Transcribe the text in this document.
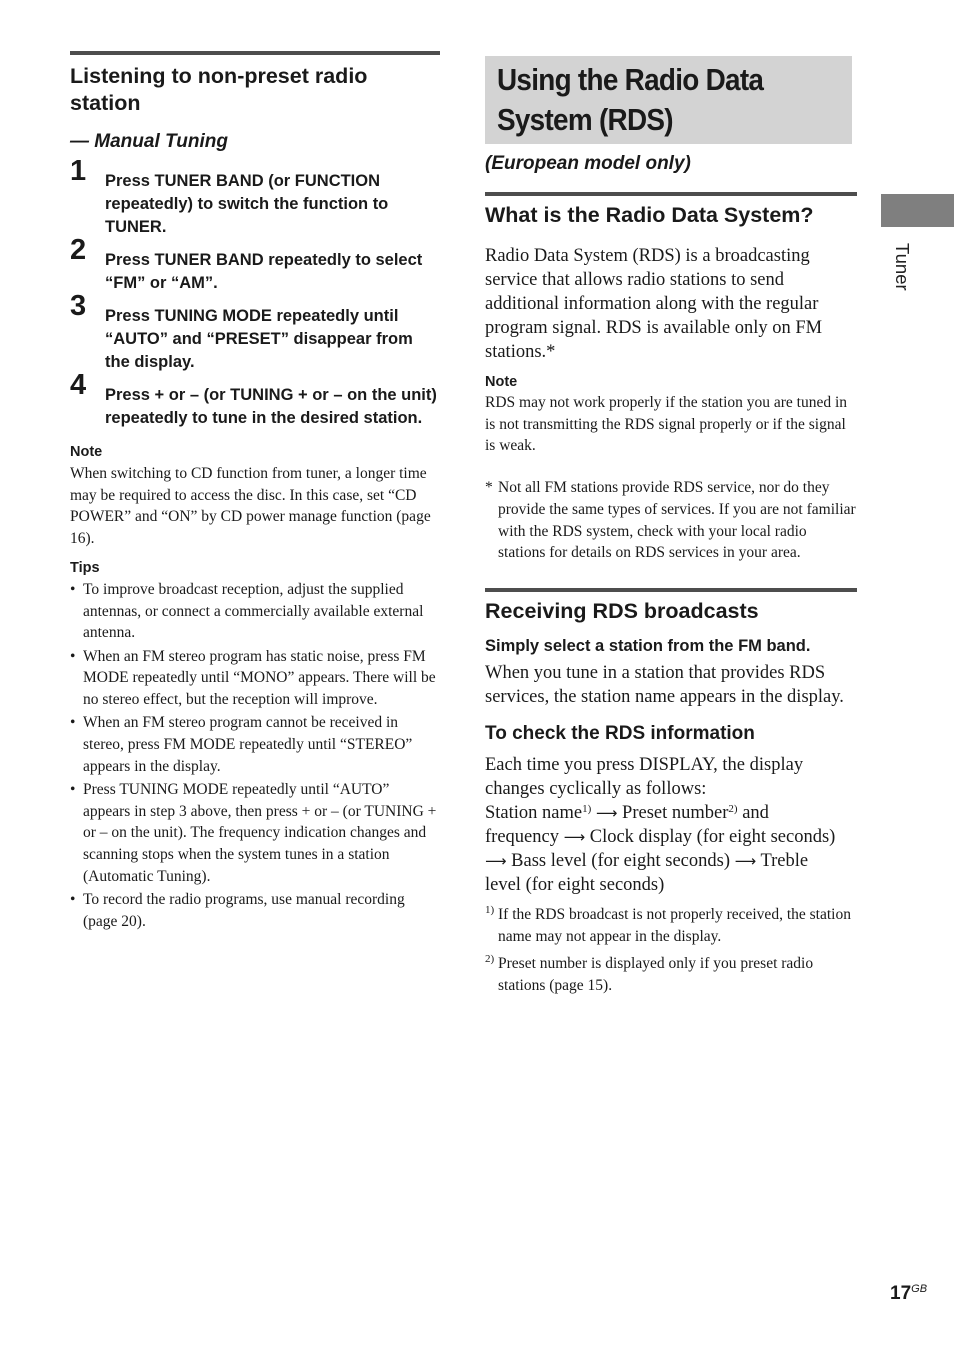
Listening to non-preset radio station

— Manual Tuning

1 Press TUNER BAND (or FUNCTION repeatedly) to switch the function to TUNER.
2 Press TUNER BAND repeatedly to select “FM” or “AM”.
3 Press TUNING MODE repeatedly until “AUTO” and “PRESET” disappear from the display.
4 Press + or – (or TUNING + or – on the unit) repeatedly to tune in the desired station.
Note
When switching to CD function from tuner, a longer time may be required to access the disc. In this case, set “CD POWER” and “ON” by CD power manage function (page 16).
Tips
• To improve broadcast reception, adjust the supplied antennas, or connect a commercially available external antenna.
• When an FM stereo program has static noise, press FM MODE repeatedly until “MONO” appears. There will be no stereo effect, but the reception will improve.
• When an FM stereo program cannot be received in stereo, press FM MODE repeatedly until “STEREO” appears in the display.
• Press TUNING MODE repeatedly until “AUTO” appears in step 3 above, then press + or – (or TUNING + or – on the unit). The frequency indication changes and scanning stops when the system tunes in a station (Automatic Tuning).
• To record the radio programs, use manual recording (page 20).
Using the Radio Data
System (RDS)

(European model only)

What is the Radio Data System?
Radio Data System (RDS) is a broadcasting service that allows radio stations to send additional information along with the regular program signal. RDS is available only on FM stations.*
Note
RDS may not work properly if the station you are tuned in is not transmitting the RDS signal properly or if the signal is weak.
* Not all FM stations provide RDS service, nor do they provide the same types of services. If you are not familiar with the RDS system, check with your local radio stations for details on RDS services in your area.
Receiving RDS broadcasts
Simply select a station from the FM band.
When you tune in a station that provides RDS services, the station name appears in the display.
To check the RDS information
Each time you press DISPLAY, the display changes cyclically as follows:
Station name$^{1)}$ ⟶ Preset number$^{2)}$ and
frequency ⟶ Clock display (for eight seconds)
⟶ Bass level (for eight seconds) ⟶ Treble
level (for eight seconds)
1) If the RDS broadcast is not properly received, the station name may not appear in the display.
2) Preset number is displayed only if you preset radio stations (page 15).
Tuner
$17^{GB}$
